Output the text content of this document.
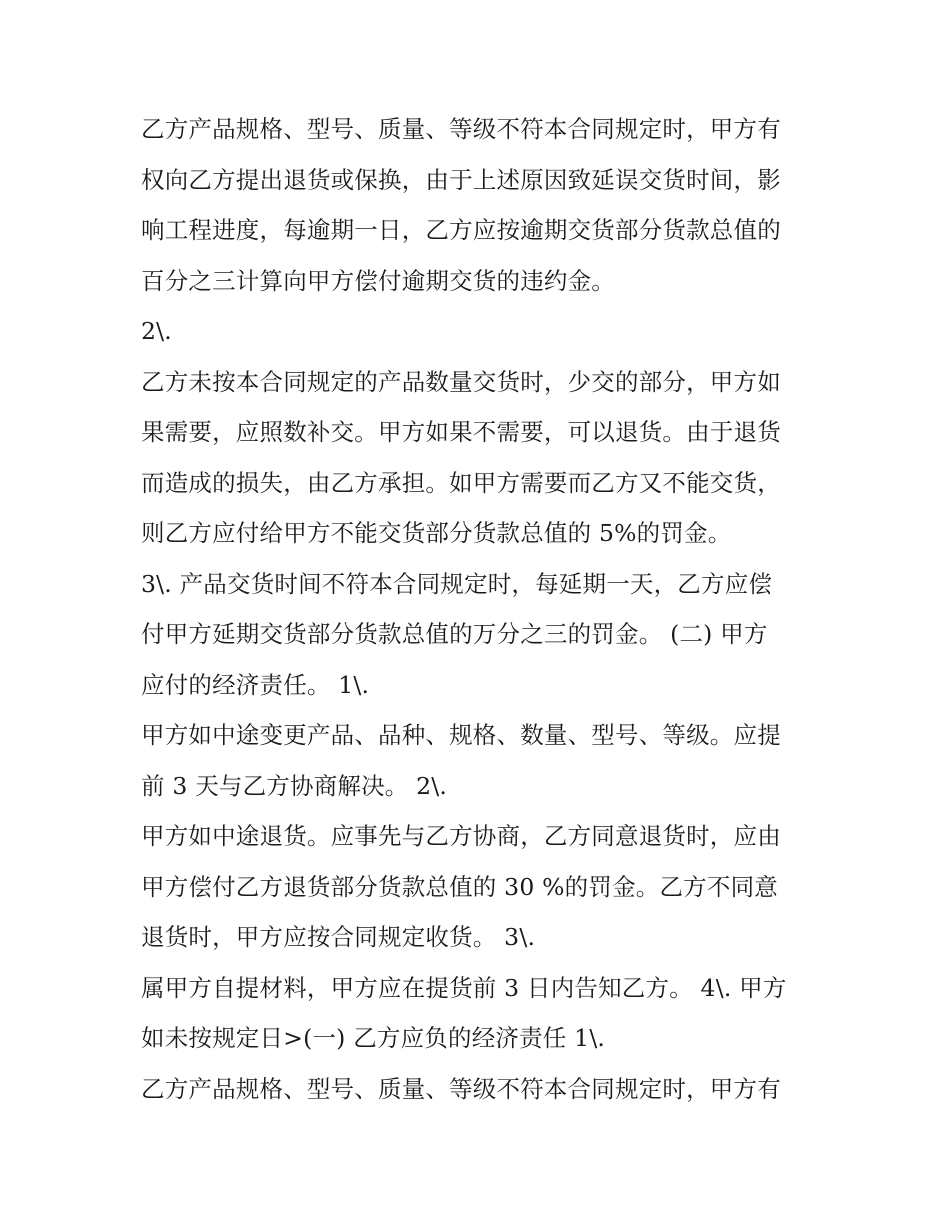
乙方产品规格、型号、质量、等级不符本合同规定时，甲方有
权向乙方提出退货或保换，由于上述原因致延误交货时间，影
响工程进度，每逾期一日，乙方应按逾期交货部分货款总值的
百分之三计算向甲方偿付逾期交货的违约金。
2\.
乙方未按本合同规定的产品数量交货时，少交的部分，甲方如
果需要，应照数补交。甲方如果不需要，可以退货。由于退货
而造成的损失，由乙方承担。如甲方需要而乙方又不能交货，
则乙方应付给甲方不能交货部分货款总值的 5%的罚金。
3\. 产品交货时间不符本合同规定时，每延期一天，乙方应偿
付甲方延期交货部分货款总值的万分之三的罚金。 (二) 甲方
应付的经济责任。 1\.
甲方如中途变更产品、品种、规格、数量、型号、等级。应提
前 3 天与乙方协商解决。 2\.
甲方如中途退货。应事先与乙方协商，乙方同意退货时，应由
甲方偿付乙方退货部分货款总值的 30 %的罚金。乙方不同意
退货时，甲方应按合同规定收货。 3\.
属甲方自提材料，甲方应在提货前 3 日内告知乙方。 4\. 甲方
如未按规定日>(一) 乙方应负的经济责任 1\.
乙方产品规格、型号、质量、等级不符本合同规定时，甲方有
